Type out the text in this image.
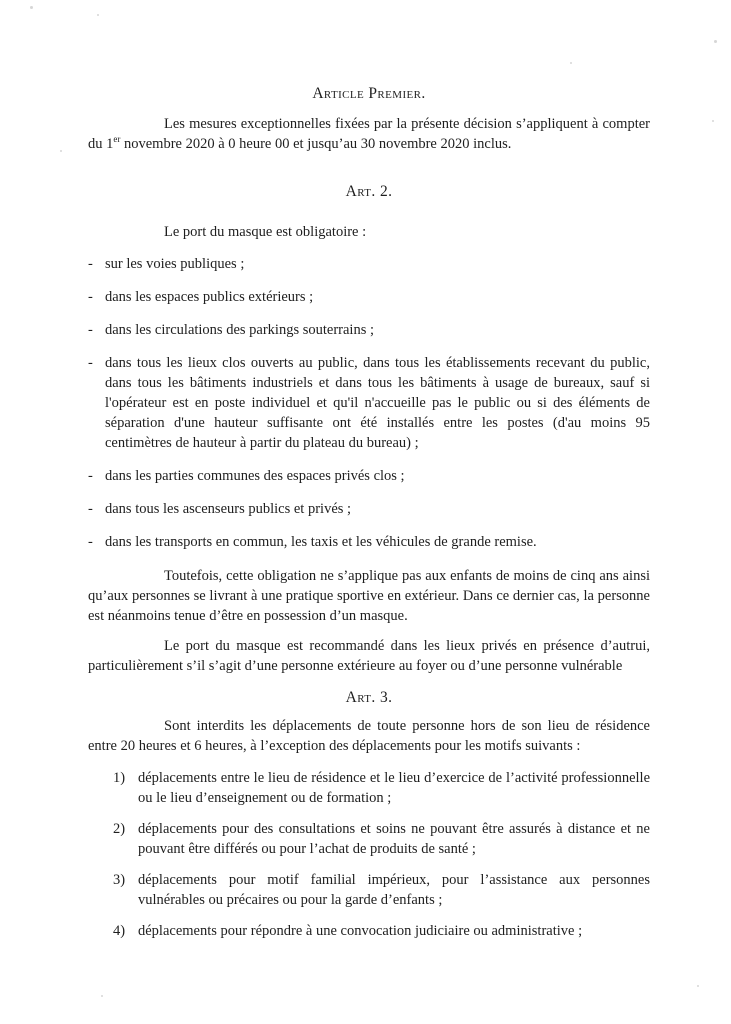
Article Premier.

Les mesures exceptionnelles fixées par la présente décision s’appliquent à compter du 1er novembre 2020 à 0 heure 00 et jusqu’au 30 novembre 2020 inclus.

Art. 2.

Le port du masque est obligatoire :

- sur les voies publiques ;
- dans les espaces publics extérieurs ;
- dans les circulations des parkings souterrains ;
- dans tous les lieux clos ouverts au public, dans tous les établissements recevant du public, dans tous les bâtiments industriels et dans tous les bâtiments à usage de bureaux, sauf si l'opérateur est en poste individuel et qu'il n'accueille pas le public ou si des éléments de séparation d'une hauteur suffisante ont été installés entre les postes (d'au moins 95 centimètres de hauteur à partir du plateau du bureau) ;
- dans les parties communes des espaces privés clos ;
- dans tous les ascenseurs publics et privés ;
- dans les transports en commun, les taxis et les véhicules de grande remise.

Toutefois, cette obligation ne s’applique pas aux enfants de moins de cinq ans ainsi qu’aux personnes se livrant à une pratique sportive en extérieur. Dans ce dernier cas, la personne est néanmoins tenue d’être en possession d’un masque.

Le port du masque est recommandé dans les lieux privés en présence d’autrui, particulièrement s’il s’agit d’une personne extérieure au foyer ou d’une personne vulnérable

Art. 3.

Sont interdits les déplacements de toute personne hors de son lieu de résidence entre 20 heures et 6 heures, à l’exception des déplacements pour les motifs suivants :

1) déplacements entre le lieu de résidence et le lieu d’exercice de l’activité professionnelle ou le lieu d’enseignement ou de formation ;
2) déplacements pour des consultations et soins ne pouvant être assurés à distance et ne pouvant être différés ou pour l’achat de produits de santé ;
3) déplacements pour motif familial impérieux, pour l’assistance aux personnes vulnérables ou précaires ou pour la garde d’enfants ;
4) déplacements pour répondre à une convocation judiciaire ou administrative ;
